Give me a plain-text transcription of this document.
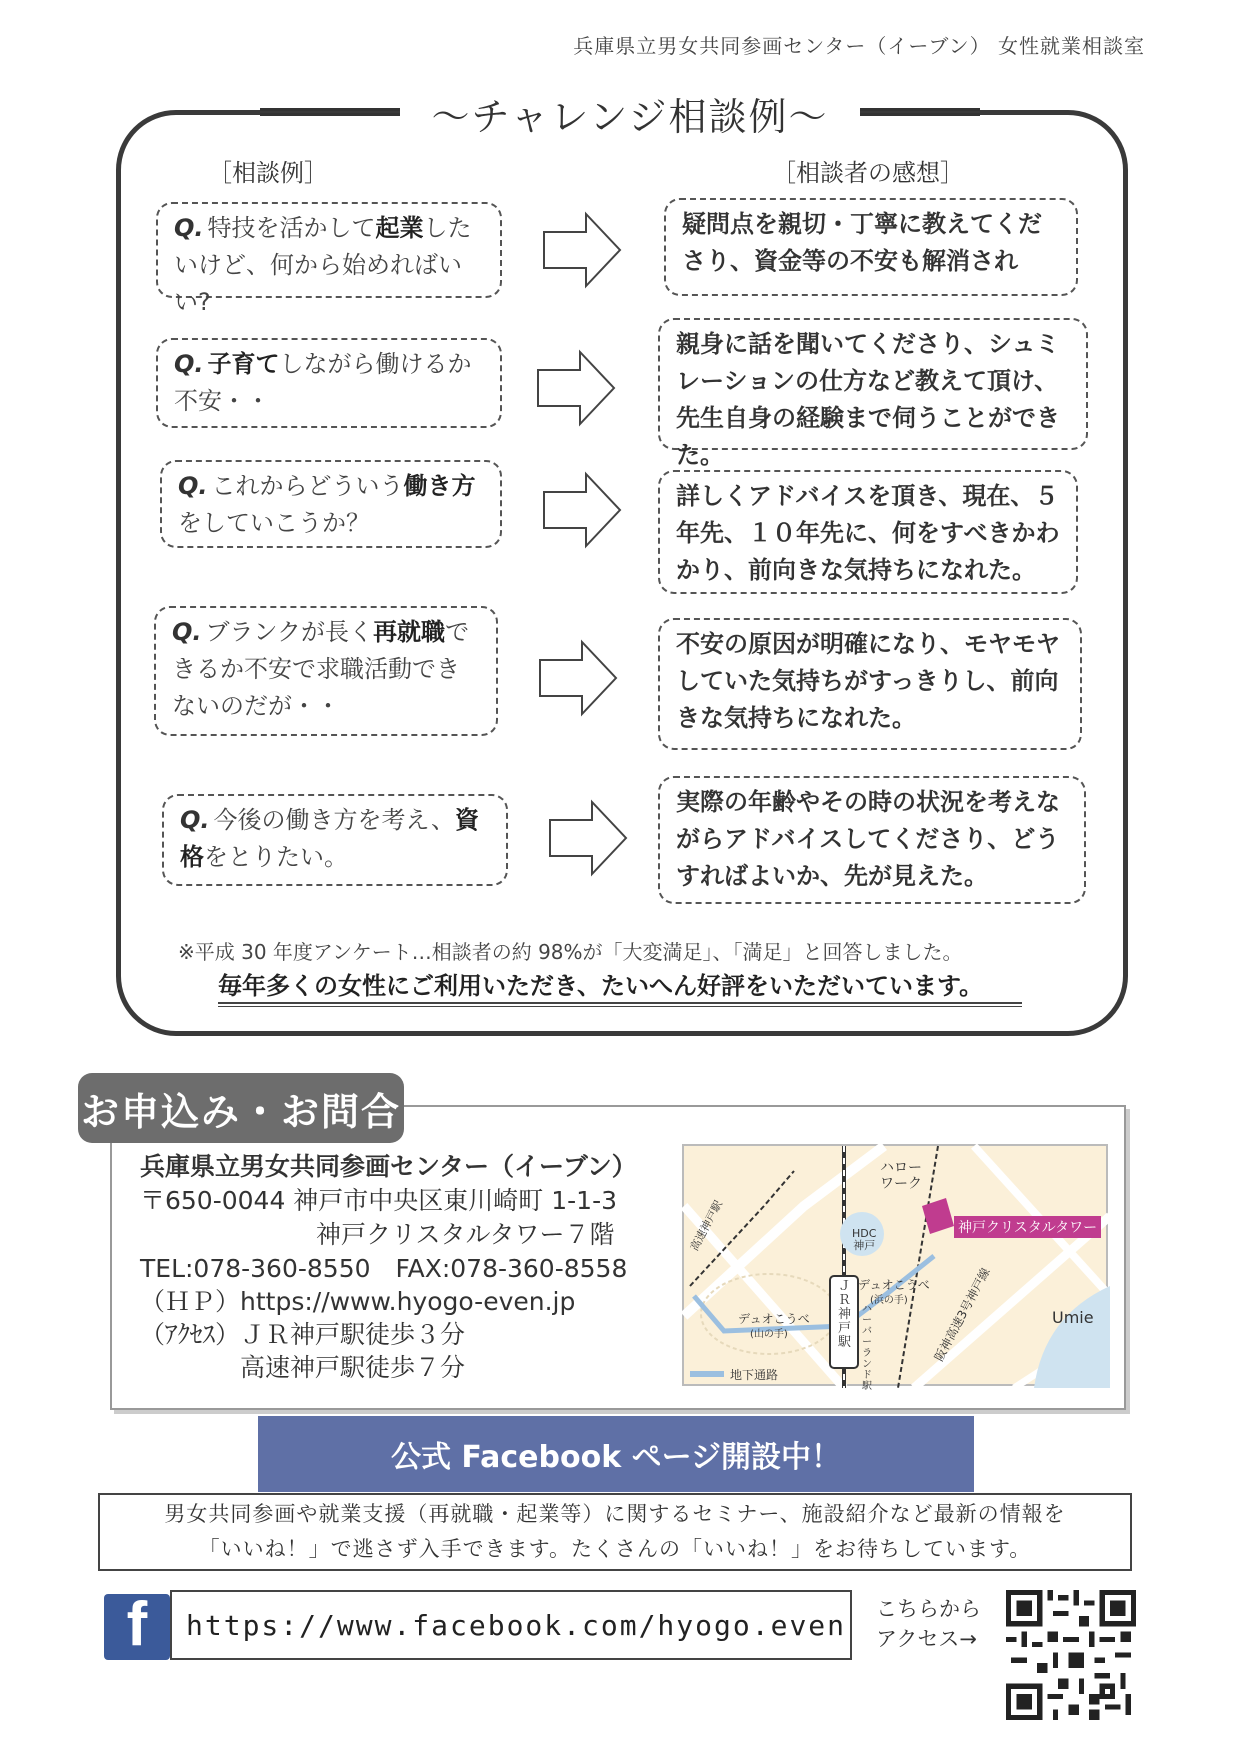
兵庫県立男女共同参画センター（イーブン） 女性就業相談室
～チャレンジ相談例～
［相談例］	［相談者の感想］
Q. 特技を活かして起業したいけど、何から始めればいい?
疑問点を親切・丁寧に教えてくださり、資金等の不安も解消され
Q. 子育てしながら働けるか不安・・
親身に話を聞いてくださり、シュミレーションの仕方など教えて頂け、先生自身の経験まで伺うことができた。
Q. これからどういう働き方をしていこうか？
詳しくアドバイスを頂き、現在、５年先、１０年先に、何をすべきかわかり、前向きな気持ちになれた。
Q. ブランクが長く再就職できるか不安で求職活動できないのだが・・
不安の原因が明確になり、モヤモヤしていた気持ちがすっきりし、前向きな気持ちになれた。
Q. 今後の働き方を考え、資格をとりたい。
実際の年齢やその時の状況を考えながらアドバイスしてくださり、どうすればよいか、先が見えた。
※平成 30 年度アンケート…相談者の約 98%が「大変満足」、「満足」と回答しました。
毎年多くの女性にご利用いただき、たいへん好評をいただいています。
お申込み・お問合
兵庫県立男女共同参画センター（イーブン）
〒650-0044 神戸市中央区東川崎町 1-1-3
神戸クリスタルタワー７階
TEL:078-360-8550　FAX:078-360-8558
（ＨＰ）https://www.hyogo-even.jp
（ｱｸｾｽ）ＪＲ神戸駅徒歩３分
高速神戸駅徒歩７分
ハロー
ワーク
神戸クリスタルタワー
HDC
神戸
デュオこうべ
(浜の手)
デュオこうべ
(山の手)
ＪＲ神戸駅
ハーバーランド駅
高速神戸駅
阪神高速3号神戸線	Umie
地下通路
公式 Facebook ページ開設中！
男女共同参画や就業支援（再就職・起業等）に関するセミナー、施設紹介など最新の情報を
「いいね！」で逃さず入手できます。たくさんの「いいね！」をお待ちしています。
f	https://www.facebook.com/hyogo.even こちらから
アクセス→
